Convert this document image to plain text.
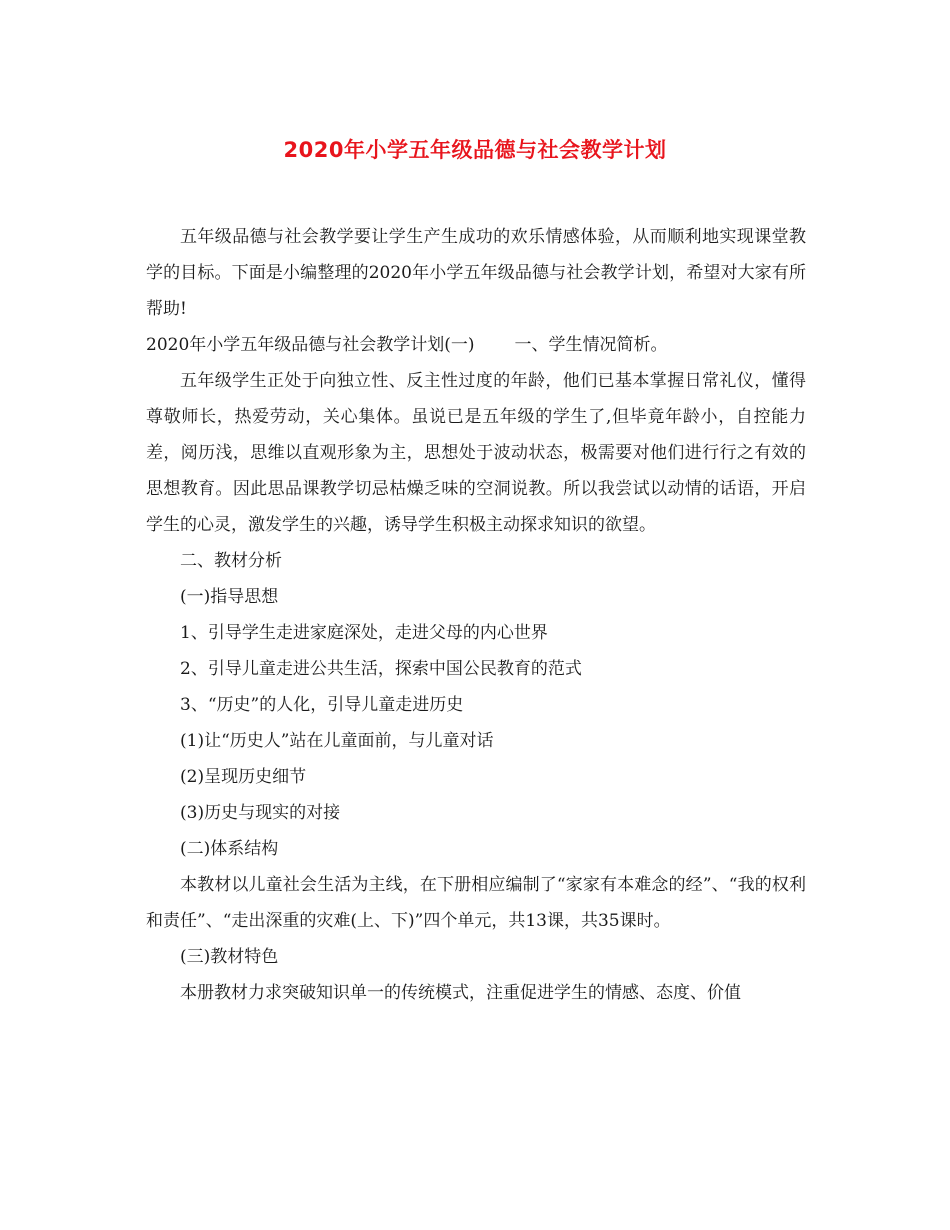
2020年小学五年级品德与社会教学计划

五年级品德与社会教学要让学生产生成功的欢乐情感体验，从而顺利地实现课堂教学的目标。下面是小编整理的2020年小学五年级品德与社会教学计划，希望对大家有所帮助!

2020年小学五年级品德与社会教学计划(一) 一、学生情况简析。

五年级学生正处于向独立性、反主性过度的年龄，他们已基本掌握日常礼仪，懂得尊敬师长，热爱劳动，关心集体。虽说已是五年级的学生了,但毕竟年龄小，自控能力差，阅历浅，思维以直观形象为主，思想处于波动状态，极需要对他们进行行之有效的思想教育。因此思品课教学切忌枯燥乏味的空洞说教。所以我尝试以动情的话语，开启学生的心灵，激发学生的兴趣，诱导学生积极主动探求知识的欲望。

二、教材分析

(一)指导思想

1、引导学生走进家庭深处，走进父母的内心世界

2、引导儿童走进公共生活，探索中国公民教育的范式

3、“历史”的人化，引导儿童走进历史

(1)让“历史人”站在儿童面前，与儿童对话

(2)呈现历史细节

(3)历史与现实的对接

(二)体系结构

本教材以儿童社会生活为主线，在下册相应编制了“家家有本难念的经”、“我的权利和责任”、“走出深重的灾难(上、下)”四个单元，共13课，共35课时。

(三)教材特色

本册教材力求突破知识单一的传统模式，注重促进学生的情感、态度、价值
